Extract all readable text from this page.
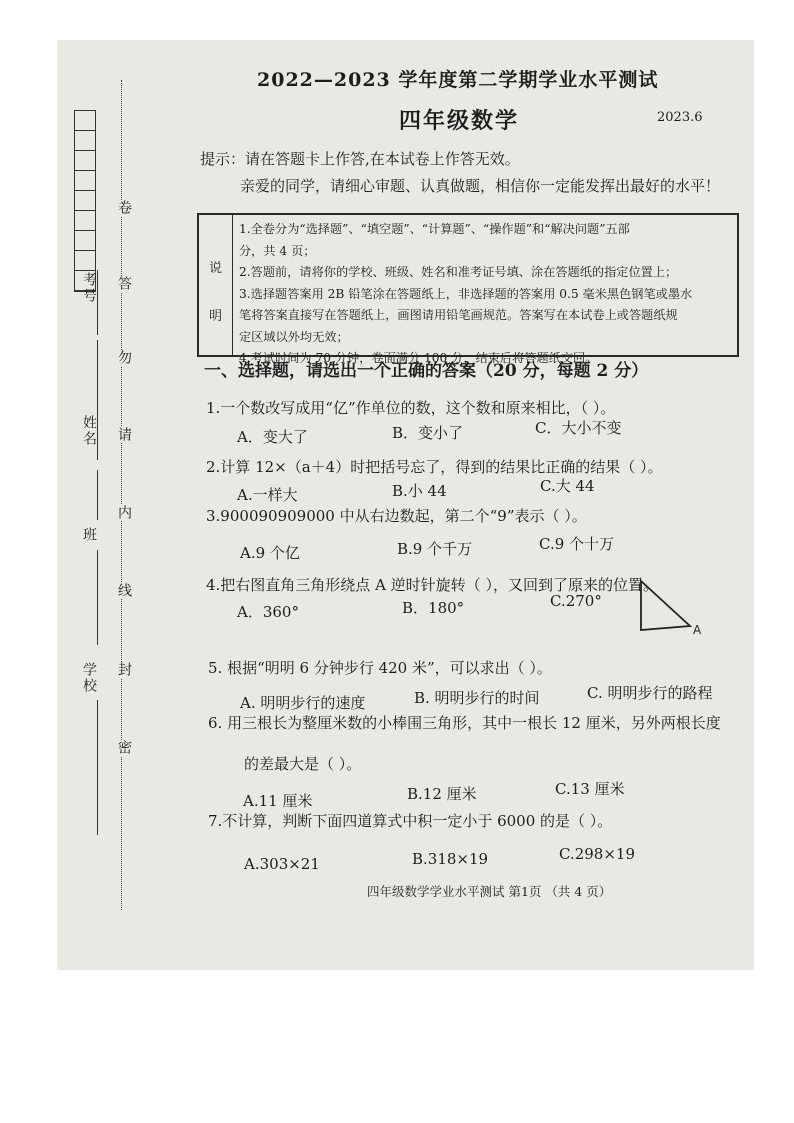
考号
姓名
班
学校
卷
答
勿
请
内
线
封
密
2022—2023 学年度第二学期学业水平测试
四年级数学	2023.6
提示：请在答题卡上作答,在本试卷上作答无效。
亲爱的同学，请细心审题、认真做题，相信你一定能发挥出最好的水平！
说
明
1.全卷分为“选择题”、“填空题”、“计算题”、“操作题”和“解决问题”五部
分，共 4 页；
2.答题前，请将你的学校、班级、姓名和准考证号填、涂在答题纸的指定位置上；
3.选择题答案用 2B 铅笔涂在答题纸上，非选择题的答案用 0.5 毫米黑色钢笔或墨水
笔将答案直接写在答题纸上，画图请用铅笔画规范。答案写在本试卷上或答题纸规
定区域以外均无效；
4.考试时间为 70 分钟，卷面满分 100 分，结束后将答题纸交回。
一、选择题，请选出一个正确的答案（20 分，每题 2 分）
1.一个数改写成用“亿”作单位的数，这个数和原来相比，（ ）。
A．变大了	B．变小了	C．大小不变
2.计算 12×（a＋4）时把括号忘了，得到的结果比正确的结果（ ）。
A.一样大	B.小 44	C.大 44
3.900090909000 中从右边数起，第二个“9”表示（ ）。
A.9 个亿	B.9 个千万	C.9 个十万
4.把右图直角三角形绕点 A 逆时针旋转（ ），又回到了原来的位置。
A．360°	B．180°	C.270°
A
5. 根据“明明 6 分钟步行 420 米”，可以求出（ ）。
A. 明明步行的速度	B. 明明步行的时间	C. 明明步行的路程
6. 用三根长为整厘米数的小棒围三角形，其中一根长 12 厘米，另外两根长度
的差最大是（ ）。
A.11 厘米	B.12 厘米	C.13 厘米
7.不计算，判断下面四道算式中积一定小于 6000 的是（ ）。
A.303×21	B.318×19	C.298×19
四年级数学学业水平测试 第1页 （共 4 页）
